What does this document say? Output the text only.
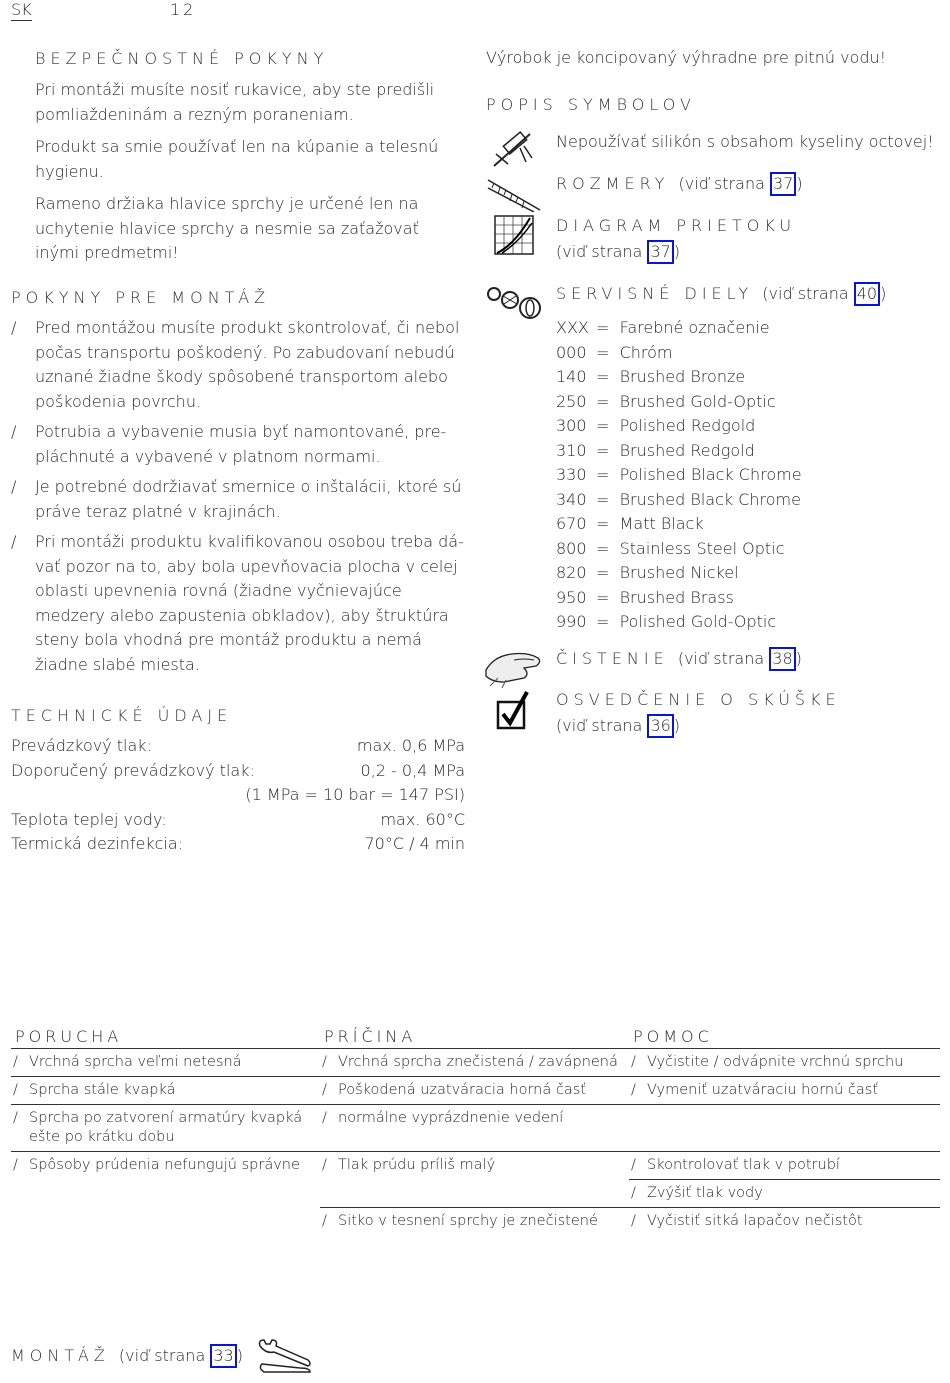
SK	12
BEZPEČNOSTNÉ POKYNY

Pri montáži musíte nosiť rukavice, aby ste predišli pomliaždeninám a rezným poraneniam.

Produkt sa smie používať len na kúpanie a telesnú hygienu.

Rameno držiaka hlavice sprchy je určené len na uchytenie hlavice sprchy a nesmie sa zaťažovať inými predmetmi!

POKYNY PRE MONTÁŽ
/ Pred montážou musíte produkt skontrolovať, či nebol počas transportu poškodený. Po zabudovaní nebudú uznané žiadne škody spôsobené transportom alebo poškodenia povrchu.
/ Potrubia a vybavenie musia byť namontované, pre- pláchnuté a vybavené v platnom normami.
/ Je potrebné dodržiavať smernice o inštalácii, ktoré sú práve teraz platné v krajinách.
/ Pri montáži produktu kvalifikovanou osobou treba dá- vať pozor na to, aby bola upevňovacia plocha v celej oblasti upevnenia rovná (žiadne vyčnievajúce medzery alebo zapustenia obkladov), aby štruktúra steny bola vhodná pre montáž produktu a nemá žiadne slabé miesta.
TECHNICKÉ ÚDAJE
Prevádzkový tlak:	max. 0,6 MPa
Doporučený prevádzkový tlak:	0,2 - 0,4 MPa
(1 MPa = 10 bar = 147 PSI)
Teplota teplej vody:	max. 60°C
Termická dezinfekcia:	70°C / 4 min
Výrobok je koncipovaný výhradne pre pitnú vodu!
POPIS SYMBOLOV
Nepoužívať silikón s obsahom kyseliny octovej!
ROZMERY (viď strana 37 )
DIAGRAM PRIETOKU
(viď strana 37 )
SERVISNÉ DIELY (viď strana 40 )
XXX =  Farebné označenie
000 =  Chróm
140 =  Brushed Bronze
250 =  Brushed Gold-Optic
300 =  Polished Redgold
310 =  Brushed Redgold
330 =  Polished Black Chrome
340 =  Brushed Black Chrome
670 =  Matt Black
800 =  Stainless Steel Optic
820 =  Brushed Nickel
950 =  Brushed Brass
990 =  Polished Gold-Optic
ČISTENIE (viď strana 38 )
OSVEDČENIE O SKÚŠKE
(viď strana 36 )
PORUCHA	PRÍČINA	POMOC

/ Vrchná sprcha veľmi netesná	/ Vrchná sprcha znečistená / zavápnená	/ Vyčistite / odvápnite vrchnú sprchu

/ Sprcha stále kvapká	/ Poškodená uzatváracia horná časť	/ Vymeniť uzatváraciu hornú časť

/ Sprcha po zatvorení armatúry kvapká ešte po krátku dobu	/ normálne vyprázdnenie vedení	

/ Spôsoby prúdenia nefungujú správne	/ Tlak prúdu príliš malý	/ Skontrolovať tlak v potrubí

		/ Zvýšiť tlak vody

	/ Sitko v tesnení sprchy je znečistené	/ Vyčistiť sitká lapačov nečistôt
MONTÁŽ (viď strana 33 )
